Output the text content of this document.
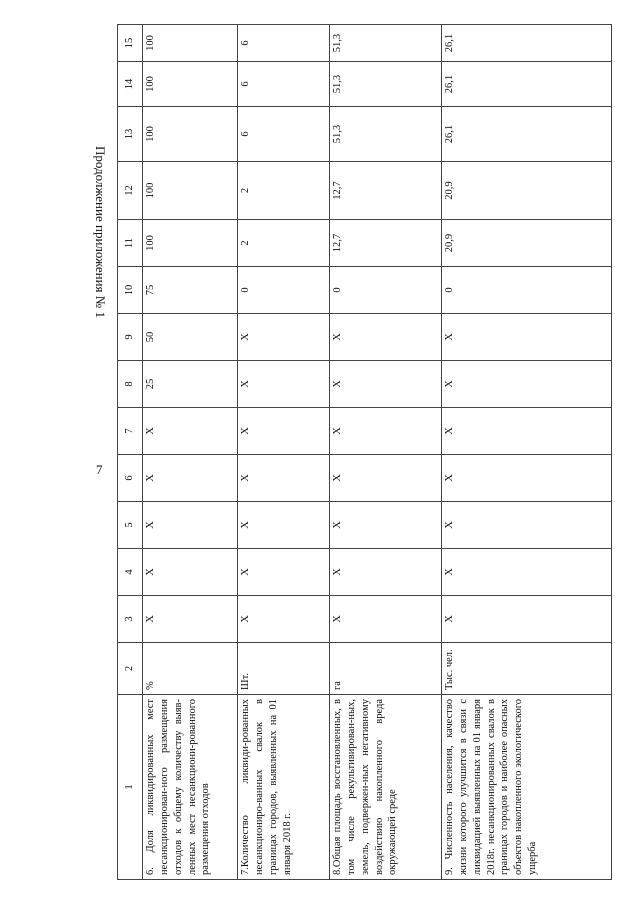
7
Продолжение приложения № 1
1	2	3	4	5	6	7	8	9	10	11	12	13	14	15
6. Доля ликвидированных мест несанкционирован-ного размещения отходов к общему количеству выяв-ленных мест несанкциони-рованного размещения отходов	%	Х	Х	Х	Х	Х	25	50	75	100	100	100	100	100
7.Количество ликвиди-рованных несанкциониро-ванных свалок в границах городов, выявленных на 01 января 2018 г.	Шт.	Х	Х	Х	Х	Х	Х	Х	0	2	2	6	6	6
8.Общая площадь восстановленных, в том числе рекультивирован-ных, земель, подвержен-ных негативному воздействию накопленного вреда окружающей среде	га	Х	Х	Х	Х	Х	Х	Х	0	12,7	12,7	51,3	51,3	51,3
9. Численность населения, качество жизни которого улучшится в связи с ликвидацией выявленных на 01 января 2018г. несанкционированных свалок в границах городов и наиболее опасных объектов накопленного экологического ущерба	Тыс. чел.	Х	Х	Х	Х	Х	Х	Х	0	20,9	20,9	26,1	26,1	26,1
